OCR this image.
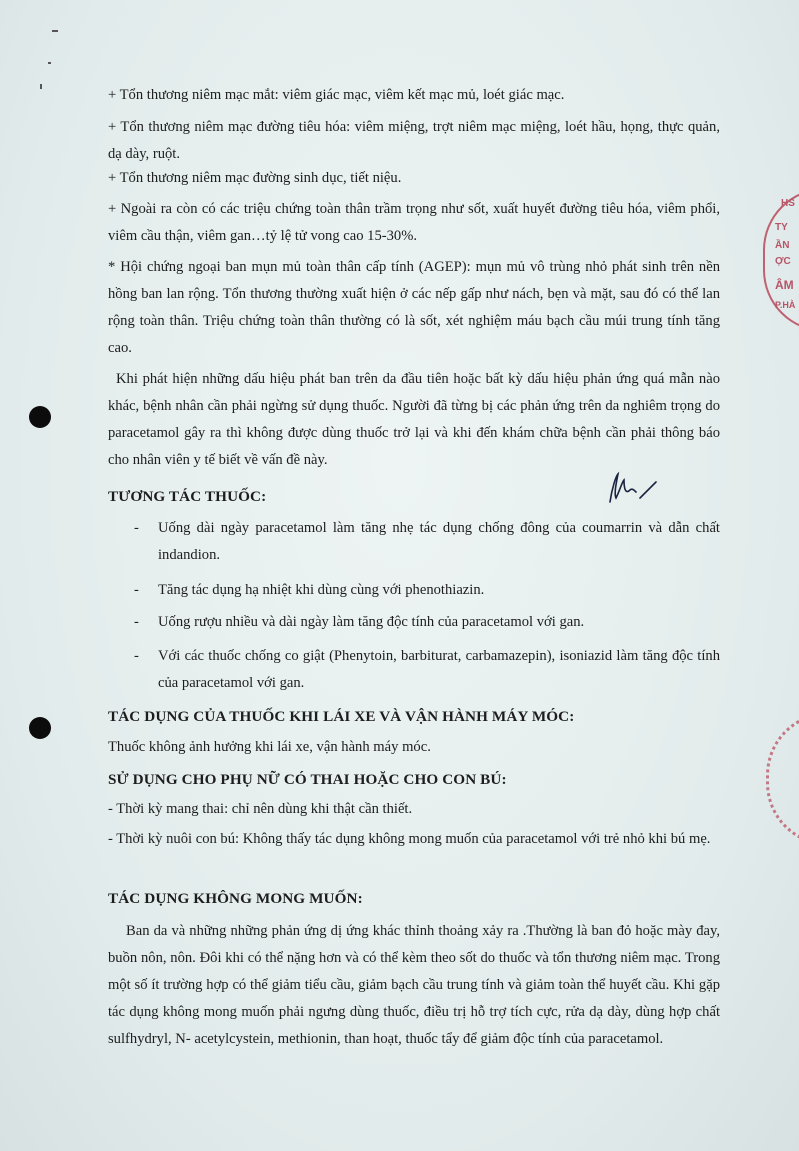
HS
TY
ẦN
ỢC
ÂM
P.HÀ

+ Tổn thương niêm mạc mắt: viêm giác mạc, viêm kết mạc mủ, loét giác mạc.

+ Tổn thương niêm mạc đường tiêu hóa: viêm miệng, trợt niêm mạc miệng, loét hầu, họng, thực quản, dạ dày, ruột.

+ Tổn thương niêm mạc đường sinh dục, tiết niệu.

+ Ngoài ra còn có các triệu chứng toàn thân trầm trọng như sốt, xuất huyết đường tiêu hóa, viêm phổi, viêm cầu thận, viêm gan…tỷ lệ tử vong cao 15-30%.

* Hội chứng ngoại ban mụn mủ toàn thân cấp tính (AGEP): mụn mủ vô trùng nhỏ phát sinh trên nền hồng ban lan rộng. Tổn thương thường xuất hiện ở các nếp gấp như nách, bẹn và mặt, sau đó có thể lan rộng toàn thân. Triệu chứng toàn thân thường có là sốt, xét nghiệm máu bạch cầu múi trung tính tăng cao.

Khi phát hiện những dấu hiệu phát ban trên da đầu tiên hoặc bất kỳ dấu hiệu phản ứng quá mẫn nào khác, bệnh nhân cần phải ngừng sử dụng thuốc. Người đã từng bị các phản ứng trên da nghiêm trọng do paracetamol gây ra thì không được dùng thuốc trở lại và khi đến khám chữa bệnh cần phải thông báo cho nhân viên y tế biết về vấn đề này.

TƯƠNG TÁC THUỐC:
- Uống dài ngày paracetamol làm tăng nhẹ tác dụng chống đông của coumarrin và dẫn chất indandion.
- Tăng tác dụng hạ nhiệt khi dùng cùng với phenothiazin.
- Uống rượu nhiều và dài ngày làm tăng độc tính của paracetamol với gan.
- Với các thuốc chống co giật (Phenytoin, barbiturat, carbamazepin), isoniazid làm tăng độc tính của paracetamol với gan.
TÁC DỤNG CỦA THUỐC KHI LÁI XE VÀ VẬN HÀNH MÁY MÓC:

Thuốc không ảnh hưởng khi lái xe, vận hành máy móc.

SỬ DỤNG CHO PHỤ NỮ CÓ THAI HOẶC CHO CON BÚ:

- Thời kỳ mang thai: chỉ nên dùng khi thật cần thiết.

- Thời kỳ nuôi con bú: Không thấy tác dụng không mong muốn của paracetamol với trẻ nhỏ khi bú mẹ.

TÁC DỤNG KHÔNG MONG MUỐN:

Ban da và những những phản ứng dị ứng khác thỉnh thoảng xảy ra .Thường là ban đỏ hoặc mày đay, buồn nôn, nôn. Đôi khi có thể nặng hơn và có thể kèm theo sốt do thuốc và tổn thương niêm mạc. Trong một số ít trường hợp có thể giảm tiểu cầu, giảm bạch cầu trung tính và giảm toàn thể huyết cầu. Khi gặp tác dụng không mong muốn phải ngưng dùng thuốc, điều trị hỗ trợ tích cực, rửa dạ dày, dùng hợp chất sulfhydryl, N- acetylcystein, methionin, than hoạt, thuốc tẩy để giảm độc tính của paracetamol.
